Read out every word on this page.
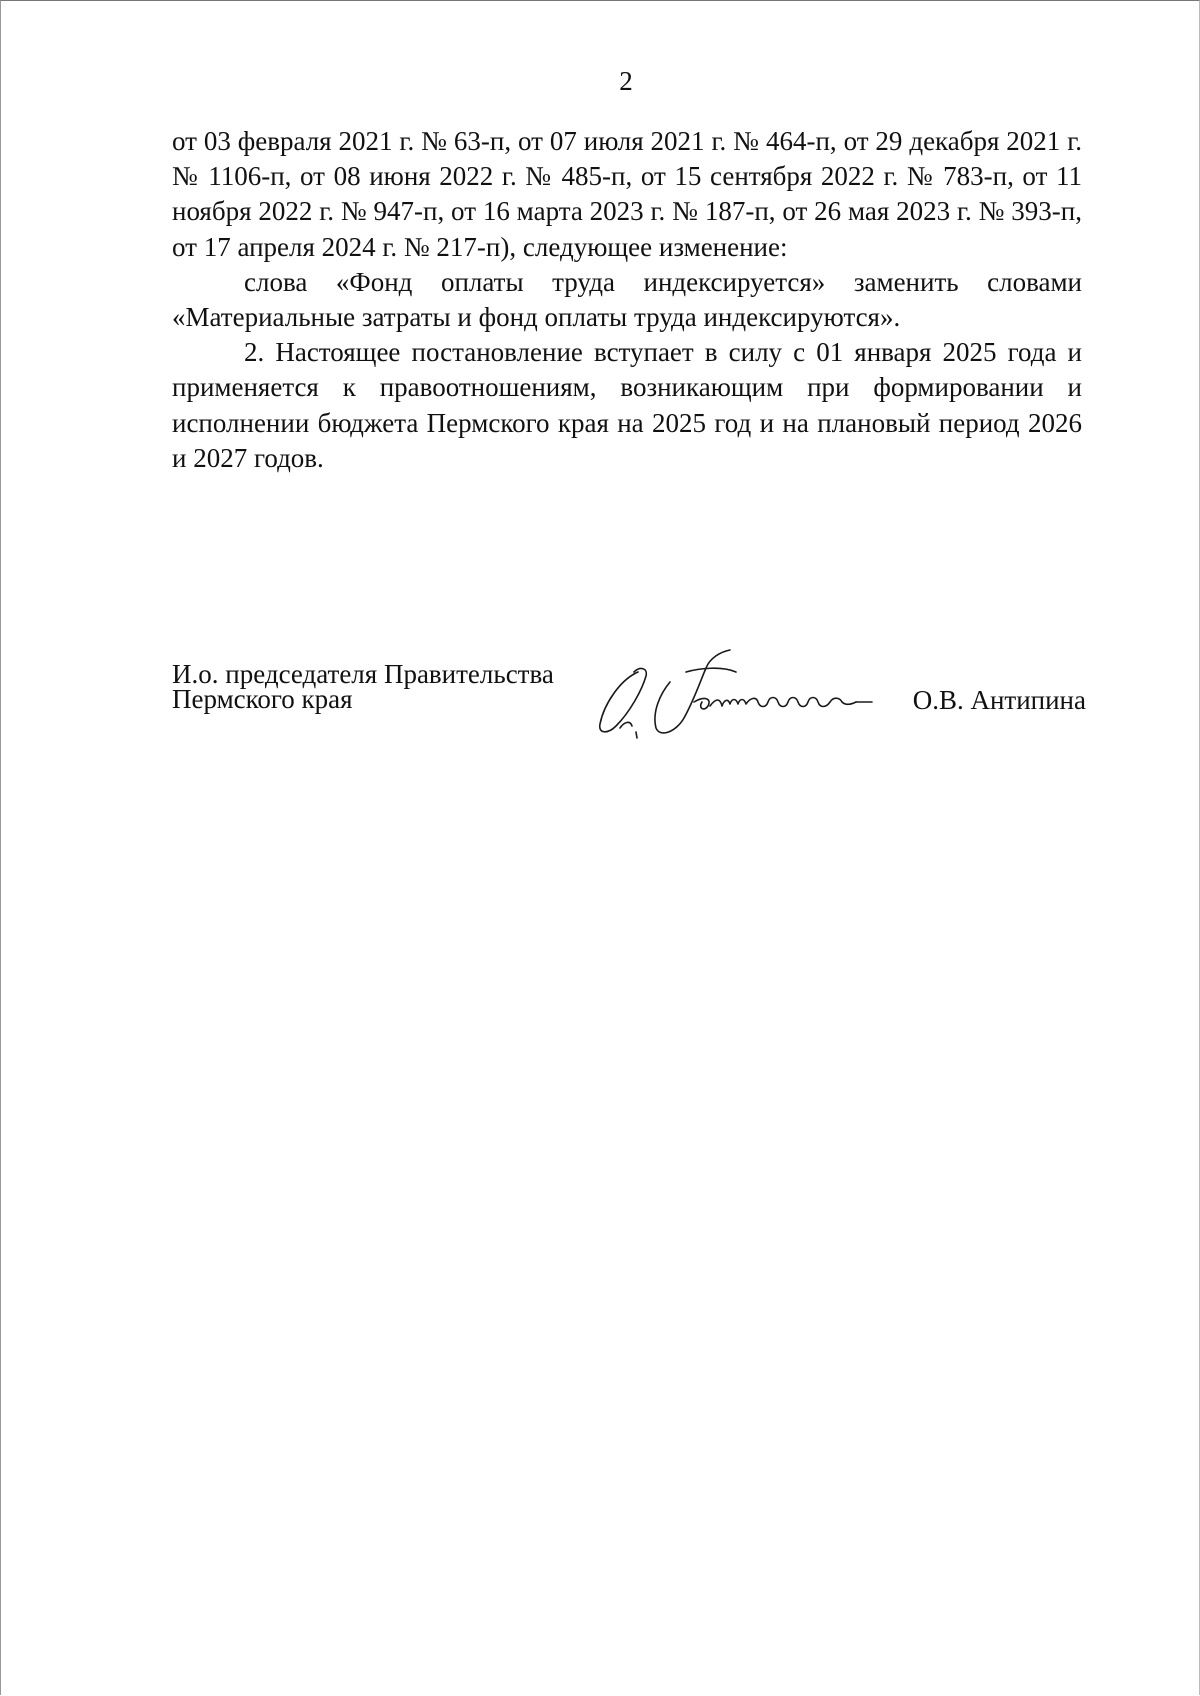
2

от 03 февраля 2021 г. № 63-п, от 07 июля 2021 г. № 464-п, от 29 декабря 2021 г. № 1106-п, от 08 июня 2022 г. № 485-п, от 15 сентября 2022 г. № 783-п, от 11 ноября 2022 г. № 947-п, от 16 марта 2023 г. № 187-п, от 26 мая 2023 г. № 393-п, от 17 апреля 2024 г. № 217-п), следующее изменение:

слова «Фонд оплаты труда индексируется» заменить словами «Материальные затраты и фонд оплаты труда индексируются».

2. Настоящее постановление вступает в силу с 01 января 2025 года и применяется к правоотношениям, возникающим при формировании и исполнении бюджета Пермского края на 2025 год и на плановый период 2026 и 2027 годов.

И.о. председателя Правительства
Пермского края	О.В. Антипина
